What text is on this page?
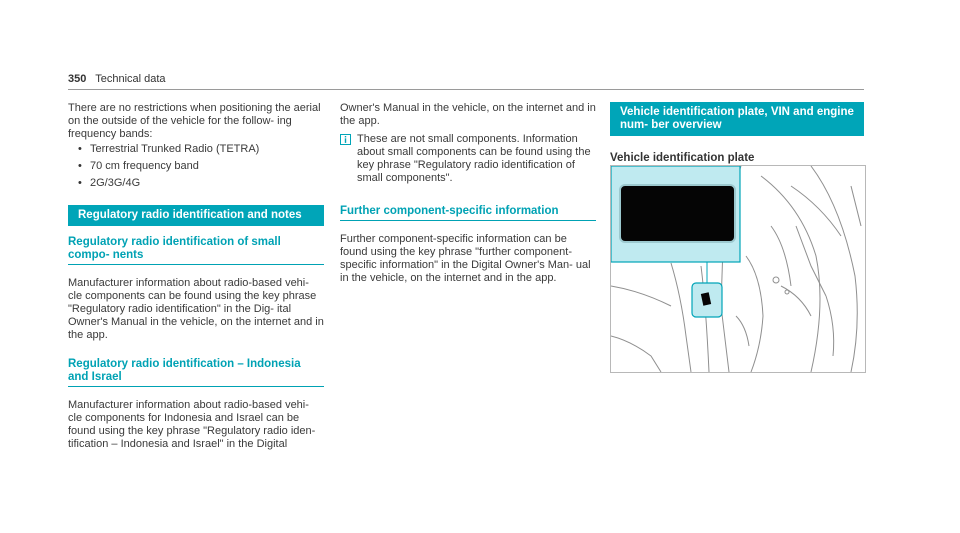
350 Technical data

There are no restrictions when positioning the aerial on the outside of the vehicle for the follow- ing frequency bands:

• Terrestrial Trunked Radio (TETRA)
• 70 cm frequency band
• 2G/3G/4G
Regulatory radio identification and notes
Regulatory radio identification of small compo- nents

Manufacturer information about radio-based vehi- cle components can be found using the key phrase "Regulatory radio identification" in the Dig- ital Owner's Manual in the vehicle, on the internet and in the app.

Regulatory radio identification – Indonesia and Israel

Manufacturer information about radio-based vehi- cle components for Indonesia and Israel can be found using the key phrase "Regulatory radio iden- tification – Indonesia and Israel" in the Digital

Owner's Manual in the vehicle, on the internet and in the app.

These are not small components. Information about small components can be found using the key phrase "Regulatory radio identification of small components".

Further component-specific information

Further component-specific information can be found using the key phrase "further component- specific information" in the Digital Owner's Man- ual in the vehicle, on the internet and in the app.

Vehicle identification plate, VIN and engine num- ber overview
Vehicle identification plate
